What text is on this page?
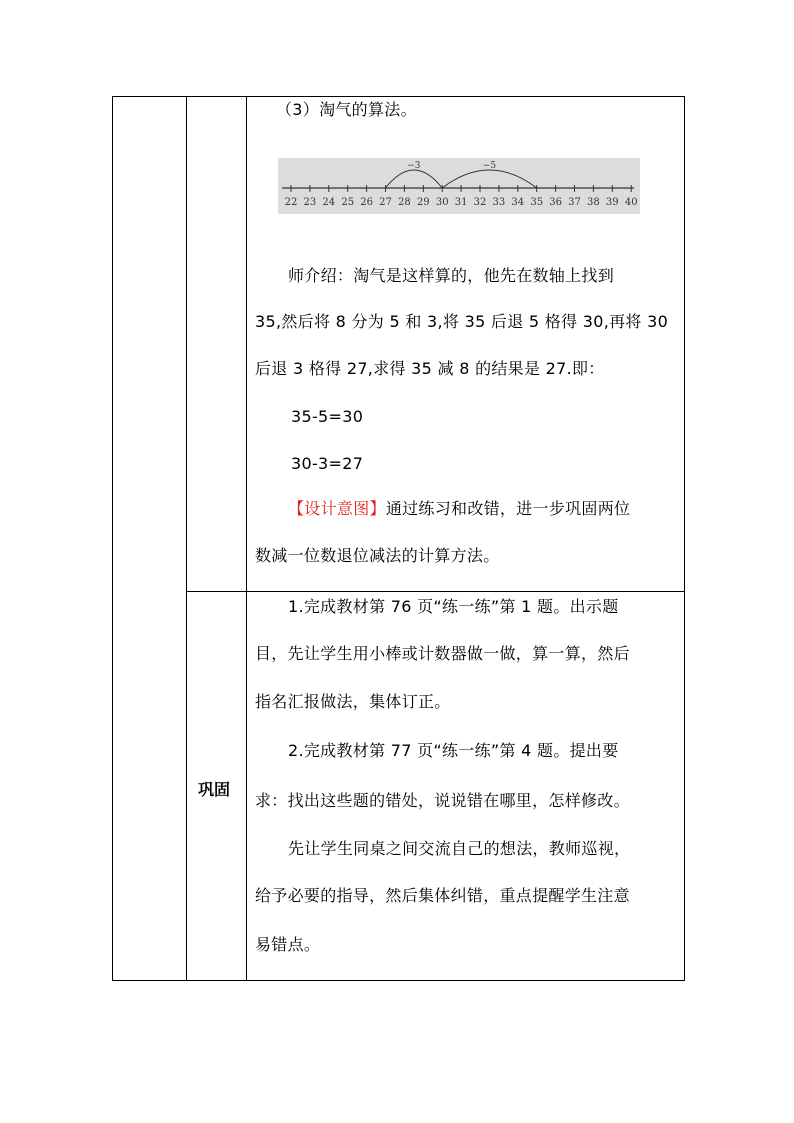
（3）淘气的算法。
22 23 24 25 26 27 28 29 30 31 32 33 34 35 36 37 38 39 40
−3	−5
师介绍：淘气是这样算的，他先在数轴上找到
35,然后将 8 分为 5 和 3,将 35 后退 5 格得 30,再将 30
后退 3 格得 27,求得 35 减 8 的结果是 27.即：
35-5=30
30-3=27
【设计意图】通过练习和改错，进一步巩固两位
数减一位数退位减法的计算方法。
巩固
1.完成教材第 76 页“练一练”第 1 题。出示题
目，先让学生用小棒或计数器做一做，算一算，然后
指名汇报做法，集体订正。
2.完成教材第 77 页“练一练”第 4 题。提出要
求：找出这些题的错处，说说错在哪里，怎样修改。
先让学生同桌之间交流自己的想法，教师巡视，
给予必要的指导，然后集体纠错，重点提醒学生注意
易错点。
